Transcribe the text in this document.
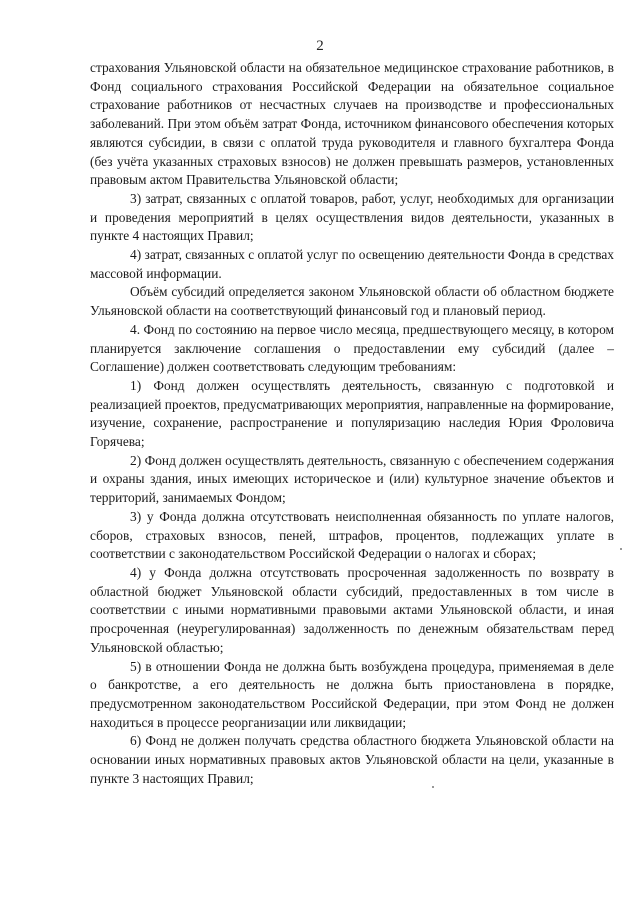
2

страхования Ульяновской области на обязательное медицинское страхование работников, в Фонд социального страхования Российской Федерации на обязательное социальное страхование работников от несчастных случаев на производстве и профессиональных заболеваний. При этом объём затрат Фонда, источником финансового обеспечения которых являются субсидии, в связи с оплатой труда руководителя и главного бухгалтера Фонда (без учёта указанных страховых взносов) не должен превышать размеров, установленных правовым актом Правительства Ульяновской области;

3) затрат, связанных с оплатой товаров, работ, услуг, необходимых для организации и проведения мероприятий в целях осуществления видов деятельности, указанных в пункте 4 настоящих Правил;

4) затрат, связанных с оплатой услуг по освещению деятельности Фонда в средствах массовой информации.

Объём субсидий определяется законом Ульяновской области об областном бюджете Ульяновской области на соответствующий финансовый год и плановый период.

4. Фонд по состоянию на первое число месяца, предшествующего месяцу, в котором планируется заключение соглашения о предоставлении ему субсидий (далее – Соглашение) должен соответствовать следующим требованиям:

1) Фонд должен осуществлять деятельность, связанную с подготовкой и реализацией проектов, предусматривающих мероприятия, направленные на формирование, изучение, сохранение, распространение и популяризацию наследия Юрия Фроловича Горячева;

2) Фонд должен осуществлять деятельность, связанную с обеспечением содержания и охраны здания, иных имеющих историческое и (или) культурное значение объектов и территорий, занимаемых Фондом;

3) у Фонда должна отсутствовать неисполненная обязанность по уплате налогов, сборов, страховых взносов, пеней, штрафов, процентов, подлежащих уплате в соответствии с законодательством Российской Федерации о налогах и сборах;

4) у Фонда должна отсутствовать просроченная задолженность по возврату в областной бюджет Ульяновской области субсидий, предоставленных в том числе в соответствии с иными нормативными правовыми актами Ульяновской области, и иная просроченная (неурегулированная) задолженность по денежным обязательствам перед Ульяновской областью;

5) в отношении Фонда не должна быть возбуждена процедура, применяемая в деле о банкротстве, а его деятельность не должна быть приостановлена в порядке, предусмотренном законодательством Российской Федерации, при этом Фонд не должен находиться в процессе реорганизации или ликвидации;

6) Фонд не должен получать средства областного бюджета Ульяновской области на основании иных нормативных правовых актов Ульяновской области на цели, указанные в пункте 3 настоящих Правил;
